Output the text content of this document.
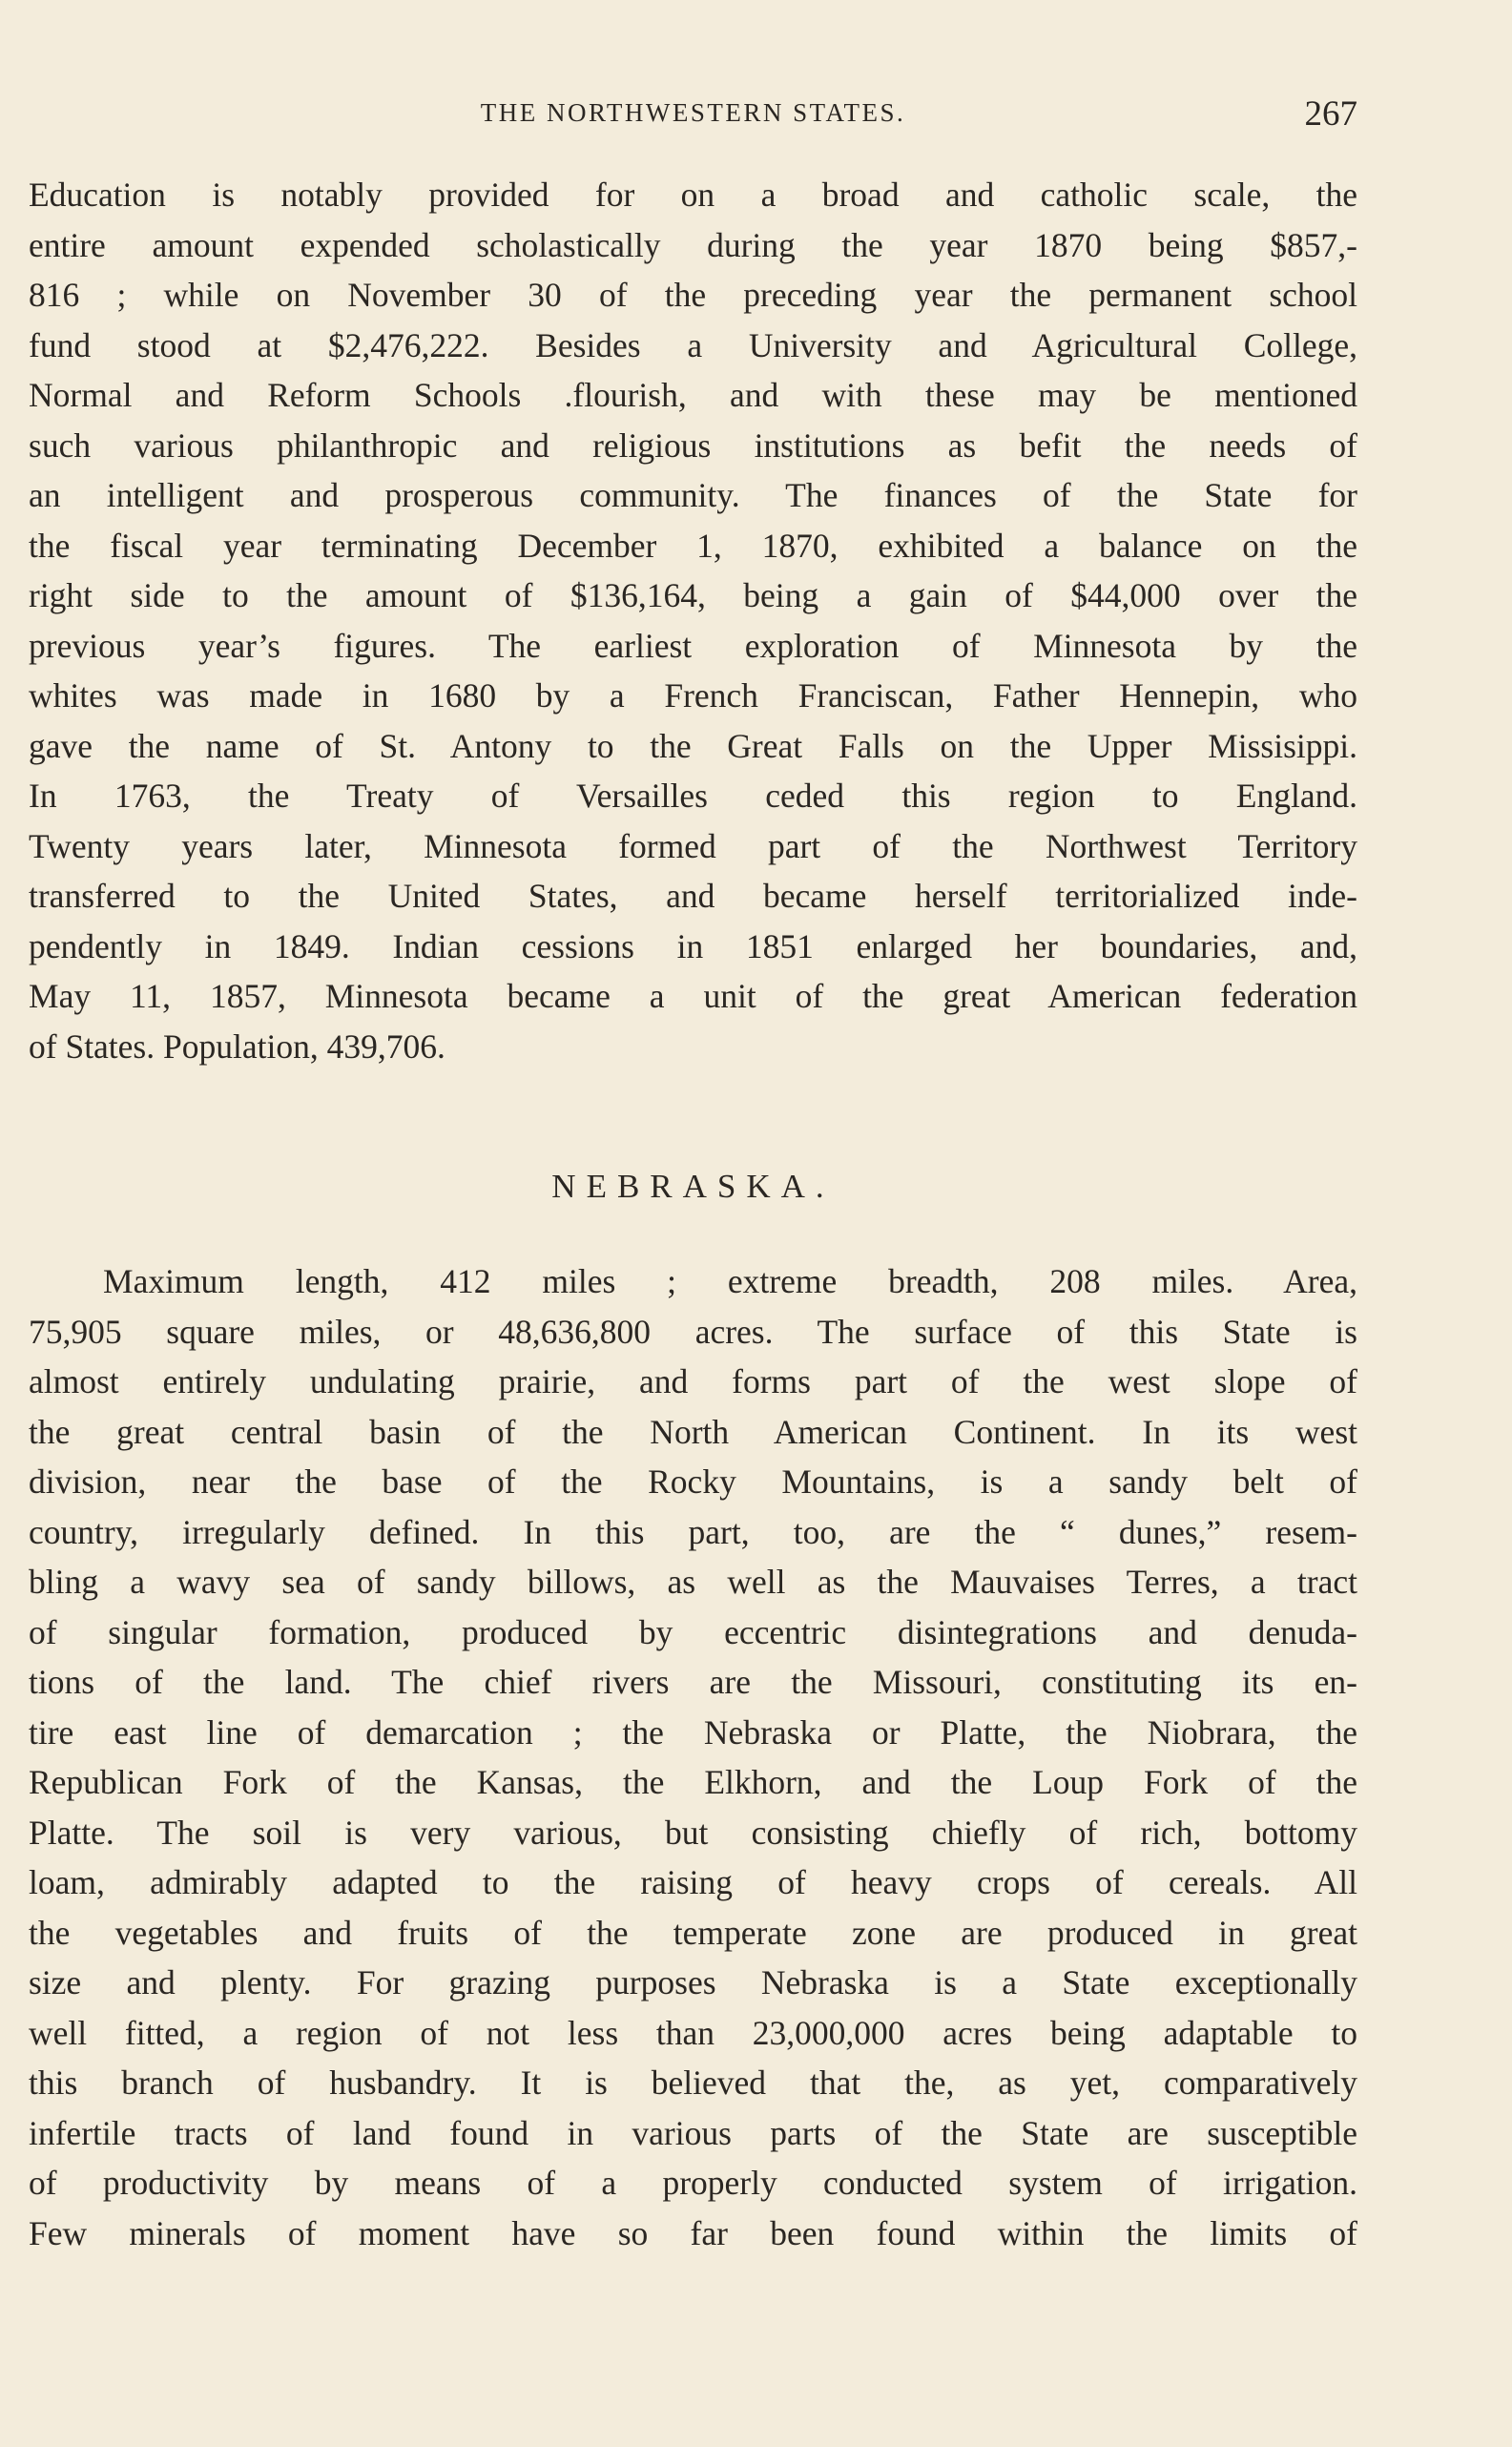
THE NORTHWESTERN STATES.	267

Education is notably provided for on a broad and catholic scale, the
entire amount expended scholastically during the year 1870 being $857,-
816 ; while on November 30 of the preceding year the permanent school
fund stood at $2,476,222. Besides a University and Agricultural College,
Normal and Reform Schools .flourish, and with these may be mentioned
such various philanthropic and religious institutions as befit the needs of
an intelligent and prosperous community. The finances of the State for
the fiscal year terminating December 1, 1870, exhibited a balance on the
right side to the amount of $136,164, being a gain of $44,000 over the
previous year’s figures. The earliest exploration of Minnesota by the
whites was made in 1680 by a French Franciscan, Father Hennepin, who
gave the name of St. Antony to the Great Falls on the Upper Missisippi.
In 1763, the Treaty of Versailles ceded this region to England.
Twenty years later, Minnesota formed part of the Northwest Territory
transferred to the United States, and became herself territorialized inde-
pendently in 1849. Indian cessions in 1851 enlarged her boundaries, and,
May 11, 1857, Minnesota became a unit of the great American federation
of States. Population, 439,706.

NEBRASKA.

Maximum length, 412 miles ; extreme breadth, 208 miles. Area,
75,905 square miles, or 48,636,800 acres. The surface of this State is
almost entirely undulating prairie, and forms part of the west slope of
the great central basin of the North American Continent. In its west
division, near the base of the Rocky Mountains, is a sandy belt of
country, irregularly defined. In this part, too, are the “ dunes,” resem-
bling a wavy sea of sandy billows, as well as the Mauvaises Terres, a tract
of singular formation, produced by eccentric disintegrations and denuda-
tions of the land. The chief rivers are the Missouri, constituting its en-
tire east line of demarcation ; the Nebraska or Platte, the Niobrara, the
Republican Fork of the Kansas, the Elkhorn, and the Loup Fork of the
Platte. The soil is very various, but consisting chiefly of rich, bottomy
loam, admirably adapted to the raising of heavy crops of cereals. All
the vegetables and fruits of the temperate zone are produced in great
size and plenty. For grazing purposes Nebraska is a State exceptionally
well fitted, a region of not less than 23,000,000 acres being adaptable to
this branch of husbandry. It is believed that the, as yet, comparatively
infertile tracts of land found in various parts of the State are susceptible
of productivity by means of a properly conducted system of irrigation.
Few minerals of moment have so far been found within the limits of
